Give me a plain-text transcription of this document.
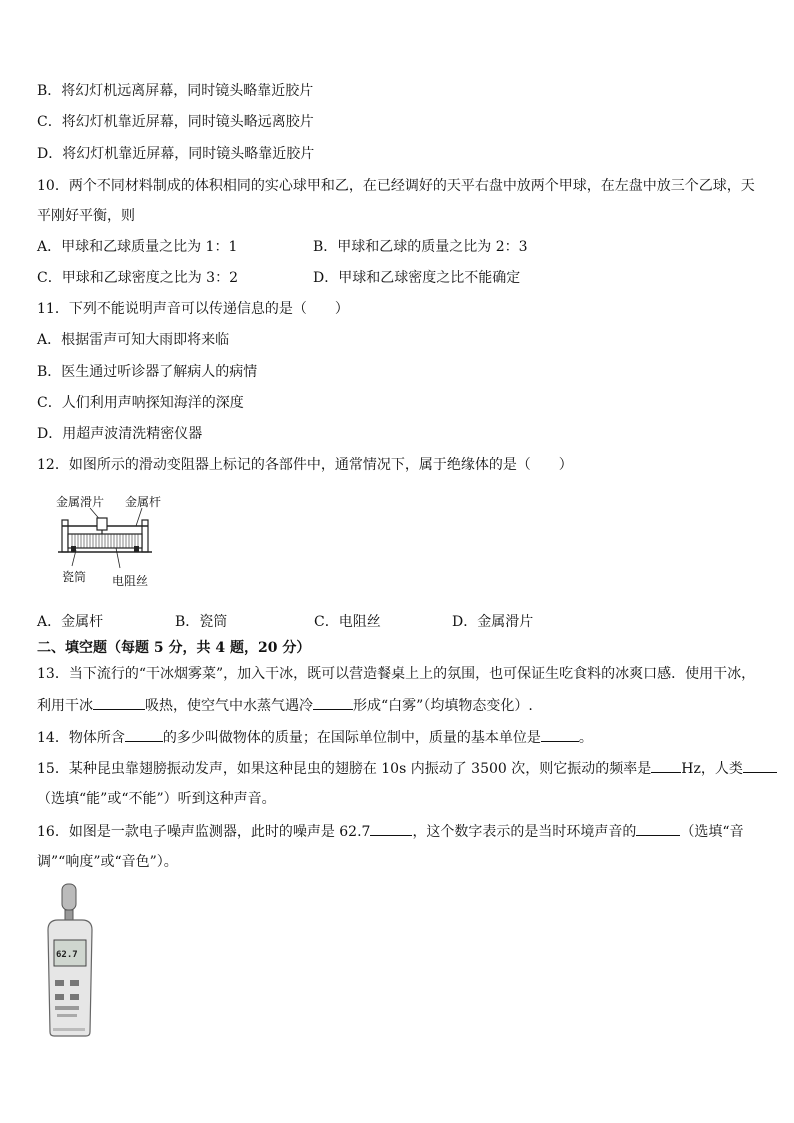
B．将幻灯机远离屏幕，同时镜头略靠近胶片
C．将幻灯机靠近屏幕，同时镜头略远离胶片
D．将幻灯机靠近屏幕，同时镜头略靠近胶片
10．两个不同材料制成的体积相同的实心球甲和乙，在已经调好的天平右盘中放两个甲球，在左盘中放三个乙球，天
平刚好平衡，则
A．甲球和乙球质量之比为 1：1	B．甲球和乙球的质量之比为 2：3
C．甲球和乙球密度之比为 3：2	D．甲球和乙球密度之比不能确定
11．下列不能说明声音可以传递信息的是（　　）
A．根据雷声可知大雨即将来临
B．医生通过听诊器了解病人的病情
C．人们利用声呐探知海洋的深度
D．用超声波清洗精密仪器
12．如图所示的滑动变阻器上标记的各部件中，通常情况下，属于绝缘体的是（　　）
金属滑片 金属杆
瓷筒 电阻丝
A．金属杆	B．瓷筒	C．电阻丝	D．金属滑片
二、填空题（每题 5 分，共 4 题，20 分）
13．当下流行的“干冰烟雾菜”，加入干冰，既可以营造餐桌上上的氛围，也可保证生吃食料的冰爽口感．使用干冰，
利用干冰	吸热，使空气中水蒸气遇冷	形成“白雾”（均填物态变化）.
14．物体所含	的多少叫做物体的质量；在国际单位制中，质量的基本单位是	。
15．某种昆虫靠翅膀振动发声，如果这种昆虫的翅膀在 10s 内振动了 3500 次，则它振动的频率是 Hz，人类
（选填“能”或“不能”）听到这种声音。
16．如图是一款电子噪声监测器，此时的噪声是 62.7	，这个数字表示的是当时环境声音的	（选填“音
调”“响度”或“音色”）。
62.7
